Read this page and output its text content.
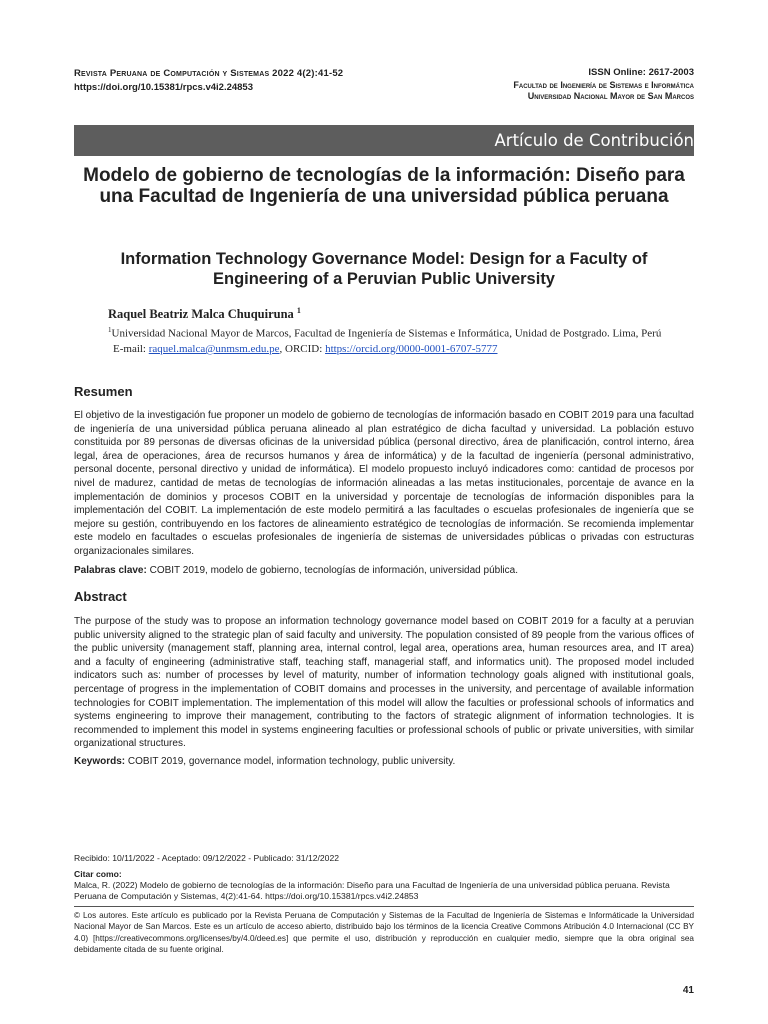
Revista Peruana de Computación y Sistemas 2022 4(2):41-52
https://doi.org/10.15381/rpcs.v4i2.24853
ISSN Online: 2617-2003
Facultad de Ingeniería de Sistemas e Informática
Universidad Nacional Mayor de San Marcos
Artículo de Contribución
Modelo de gobierno de tecnologías de la información: Diseño para una Facultad de Ingeniería de una universidad pública peruana
Information Technology Governance Model: Design for a Faculty of Engineering of a Peruvian Public University
Raquel Beatriz Malca Chuquiruna $^1$
$^1$Universidad Nacional Mayor de Marcos, Facultad de Ingeniería de Sistemas e Informática, Unidad de Postgrado. Lima, Perú
E-mail: raquel.malca@unmsm.edu.pe, ORCID: https://orcid.org/0000-0001-6707-5777
Resumen
El objetivo de la investigación fue proponer un modelo de gobierno de tecnologías de información basado en COBIT 2019 para una facultad de ingeniería de una universidad pública peruana alineado al plan estratégico de dicha facultad y universidad. La población estuvo constituida por 89 personas de diversas oficinas de la universidad pública (personal directivo, área de planificación, control interno, área legal, área de operaciones, área de recursos humanos y área de informática) y de la facultad de ingeniería (personal administrativo, personal docente, personal directivo y unidad de informática). El modelo propuesto incluyó indicadores como: cantidad de procesos por nivel de madurez, cantidad de metas de tecnologías de información alineadas a las metas institucionales, porcentaje de avance en la implementación de dominios y procesos COBIT en la universidad y porcentaje de tecnologías de información disponibles para la implementación del COBIT. La implementación de este modelo permitirá a las facultades o escuelas profesionales de ingeniería que se mejore su gestión, contribuyendo en los factores de alineamiento estratégico de tecnologías de información. Se recomienda implementar este modelo en facultades o escuelas profesionales de ingeniería de sistemas de universidades públicas o privadas con estructuras organizacionales similares.
Palabras clave: COBIT 2019, modelo de gobierno, tecnologías de información, universidad pública.
Abstract
The purpose of the study was to propose an information technology governance model based on COBIT 2019 for a faculty at a peruvian public university aligned to the strategic plan of said faculty and university. The population consisted of 89 people from the various offices of the public university (management staff, planning area, internal control, legal area, operations area, human resources area, and IT area) and a faculty of engineering (administrative staff, teaching staff, managerial staff, and informatics unit). The proposed model included indicators such as: number of processes by level of maturity, number of information technology goals aligned with institutional goals, percentage of progress in the implementation of COBIT domains and processes in the university, and percentage of available information technologies for COBIT implementation. The implementation of this model will allow the faculties or professional schools of informatics and systems engineering to improve their management, contributing to the factors of strategic alignment of information technologies. It is recommended to implement this model in systems engineering faculties or professional schools of public or private universities, with similar organizational structures.
Keywords: COBIT 2019, governance model, information technology, public university.
Recibido: 10/11/2022 - Aceptado: 09/12/2022 - Publicado: 31/12/2022
Citar como:
Malca, R. (2022) Modelo de gobierno de tecnologías de la información: Diseño para una Facultad de Ingeniería de una universidad pública peruana. Revista Peruana de Computación y Sistemas, 4(2):41-64. https://doi.org/10.15381/rpcs.v4i2.24853
© Los autores. Este artículo es publicado por la Revista Peruana de Computación y Sistemas de la Facultad de Ingeniería de Sistemas e Informáticade la Universidad Nacional Mayor de San Marcos. Este es un artículo de acceso abierto, distribuido bajo los términos de la licencia Creative Commons Atribución 4.0 Internacional (CC BY 4.0) [https://creativecommons.org/licenses/by/4.0/deed.es] que permite el uso, distribución y reproducción en cualquier medio, siempre que la obra original sea debidamente citada de su fuente original.
41
